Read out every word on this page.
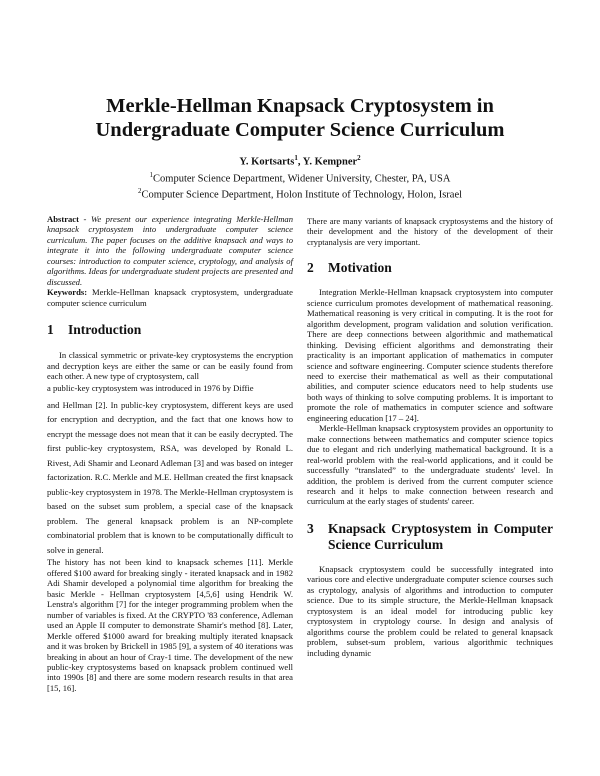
Merkle-Hellman Knapsack Cryptosystem in
Undergraduate Computer Science Curriculum
Y. Kortsarts$^1$, Y. Kempner$^2$
$^1$Computer Science Department, Widener University, Chester, PA, USA
$^2$Computer Science Department, Holon Institute of Technology, Holon, Israel

Abstract - We present our experience integrating Merkle-Hellman knapsack cryptosystem into undergraduate computer science curriculum. The paper focuses on the additive knapsack and ways to integrate it into the following undergraduate computer science courses: introduction to computer science, cryptology, and analysis of algorithms. Ideas for undergraduate student projects are presented and discussed.

Keywords: Merkle-Hellman knapsack cryptosystem, undergraduate computer science curriculum

1	Introduction

In classical symmetric or private-key cryptosystems the encryption and decryption keys are either the same or can be easily found from each other. A new type of cryptosystem, call

a public-key cryptosystem was introduced in 1976 by Diffie

and Hellman [2]. In public-key cryptosystem, different keys are used for encryption and decryption, and the fact that one knows how to encrypt the message does not mean that it can be easily decrypted. The first public-key cryptosystem, RSA, was developed by Ronald L. Rivest, Adi Shamir and Leonard Adleman [3] and was based on integer factorization. R.C. Merkle and M.E. Hellman created the first knapsack public-key cryptosystem in 1978. The Merkle-Hellman cryptosystem is based on the subset sum problem, a special case of the knapsack problem. The general knapsack problem is an NP-complete combinatorial problem that is known to be computationally difficult to solve in general.

The history has not been kind to knapsack schemes [11]. Merkle offered $100 award for breaking singly - iterated knapsack and in 1982 Adi Shamir developed a polynomial time algorithm for breaking the basic Merkle - Hellman cryptosystem [4,5,6] using Hendrik W. Lenstra's algorithm [7] for the integer programming problem when the number of variables is fixed. At the CRYPTO '83 conference, Adleman used an Apple II computer to demonstrate Shamir's method [8]. Later, Merkle offered $1000 award for breaking multiply iterated knapsack and it was broken by Brickell in 1985 [9], a system of 40 iterations was breaking in about an hour of Cray-1 time. The development of the new public-key cryptosystems based on knapsack problem continued well into 1990s [8] and there are some modern research results in that area [15, 16].

There are many variants of knapsack cryptosystems and the history of their development and the history of the development of their cryptanalysis are very important.

2	Motivation

Integration Merkle-Hellman knapsack cryptosystem into computer science curriculum promotes development of mathematical reasoning. Mathematical reasoning is very critical in computing. It is the root for algorithm development, program validation and solution verification. There are deep connections between algorithmic and mathematical thinking. Devising efficient algorithms and demonstrating their practicality is an important application of mathematics in computer science and software engineering. Computer science students therefore need to exercise their mathematical as well as their computational abilities, and computer science educators need to help students use both ways of thinking to solve computing problems. It is important to promote the role of mathematics in computer science and software engineering education [17 – 24].

Merkle-Hellman knapsack cryptosystem provides an opportunity to make connections between mathematics and computer science topics due to elegant and rich underlying mathematical background. It is a real-world problem with the real-world applications, and it could be successfully “translated” to the undergraduate students' level. In addition, the problem is derived from the current computer science research and it helps to make connection between research and curriculum at the early stages of students' career.

3	Knapsack Cryptosystem in Computer Science Curriculum

Knapsack cryptosystem could be successfully integrated into various core and elective undergraduate computer science courses such as cryptology, analysis of algorithms and introduction to computer science. Due to its simple structure, the Merkle-Hellman knapsack cryptosystem is an ideal model for introducing public key cryptosystem in cryptology course. In design and analysis of algorithms course the problem could be related to general knapsack problem, subset-sum problem, various algorithmic techniques including dynamic
